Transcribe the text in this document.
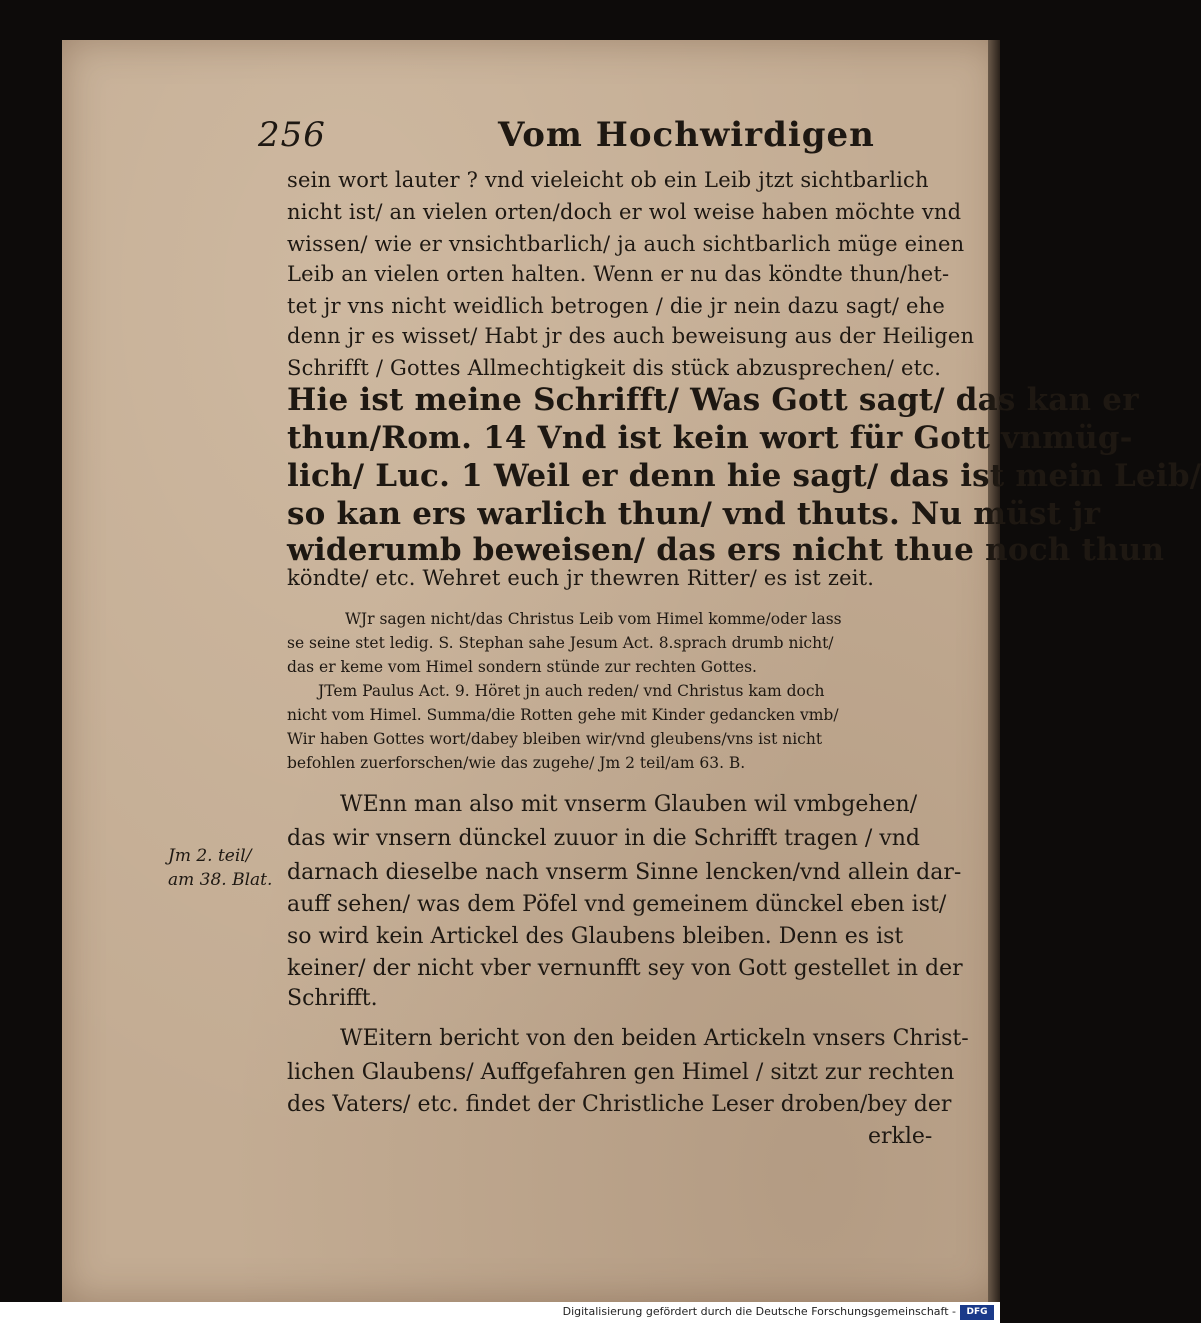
256	Vom Hochwirdigen
sein wort lauter ? vnd vieleicht ob ein Leib jtzt sichtbarlich
nicht ist/ an vielen orten/doch er wol weise haben möchte vnd
wissen/ wie er vnsichtbarlich/ ja auch sichtbarlich müge einen
Leib an vielen orten halten. Wenn er nu das köndte thun/het-
tet jr vns nicht weidlich betrogen / die jr nein dazu sagt/ ehe
denn jr es wisset/ Habt jr des auch beweisung aus der Heiligen
Schrifft / Gottes Allmechtigkeit dis stück abzusprechen/ etc.
Hie ist meine Schrifft/ Was Gott sagt/ das kan er
thun/Rom. 14 Vnd ist kein wort für Gott vnmüg-
lich/ Luc. 1 Weil er denn hie sagt/ das ist mein Leib/
so kan ers warlich thun/ vnd thuts. Nu müst jr
widerumb beweisen/ das ers nicht thue noch thun
köndte/ etc. Wehret euch jr thewren Ritter/ es ist zeit.
WJr sagen nicht/das Christus Leib vom Himel komme/oder lass
se seine stet ledig. S. Stephan sahe Jesum Act. 8.sprach drumb nicht/
das er keme vom Himel sondern stünde zur rechten Gottes.
JTem Paulus Act. 9. Höret jn auch reden/ vnd Christus kam doch
nicht vom Himel. Summa/die Rotten gehe mit Kinder gedancken vmb/
Wir haben Gottes wort/dabey bleiben wir/vnd gleubens/vns ist nicht
befohlen zuerforschen/wie das zugehe/ Jm 2 teil/am 63. B.
Jm 2. teil/
am 38. Blat.
WEnn man also mit vnserm Glauben wil vmbgehen/
das wir vnsern dünckel zuuor in die Schrifft tragen / vnd
darnach dieselbe nach vnserm Sinne lencken/vnd allein dar-
auff sehen/ was dem Pöfel vnd gemeinem dünckel eben ist/
so wird kein Artickel des Glaubens bleiben. Denn es ist
keiner/ der nicht vber vernunfft sey von Gott gestellet in der
Schrifft.
WEitern bericht von den beiden Artickeln vnsers Christ-
lichen Glaubens/ Auffgefahren gen Himel / sitzt zur rechten
des Vaters/ etc. findet der Christliche Leser droben/bey der
erkle-
Digitalisierung gefördert durch die Deutsche Forschungsgemeinschaft -	DFG
